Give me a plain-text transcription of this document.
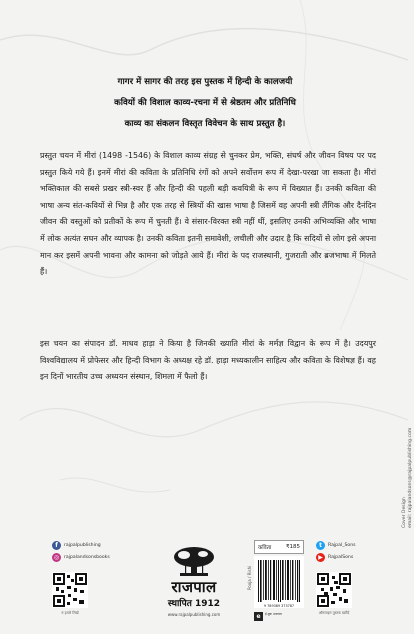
गागर में सागर की तरह इस पुस्तक में हिन्दी के कालजयी
कवियों की विशाल काव्य-रचना में से श्रेष्ठतम और प्रतिनिधि
काव्य का संकलन विस्तृत विवेचन के साथ प्रस्तुत है।

प्रस्तुत चयन में मीरां (1498 -1546) के विशाल काव्य संग्रह से चुनकर प्रेम, भक्ति, संघर्ष और जीवन विषय पर पद प्रस्तुत किये गये हैं। इनमें मीरां की कविता के प्रतिनिधि रंगों को अपने सर्वोत्तम रूप में देखा-परखा जा सकता है। मीरां भक्तिकाल की सबसे प्रखर स्त्री-स्वर हैं और हिन्दी की पहली बड़ी कवयित्री के रूप में विख्यात हैं। उनकी कविता की भाषा अन्य संत-कवियों से भिन्न है और एक तरह से स्त्रियों की खास भाषा है जिसमें वह अपनी स्त्री लैंगिक और दैनंदिन जीवन की वस्तुओं को प्रतीकों के रूप में चुनती हैं। वे संसार-विरक्त स्त्री नहीं थीं, इसलिए उनकी अभिव्यक्ति और भाषा में लोक अत्यंत सघन और व्यापक है। उनकी कविता इतनी समावेशी, लचीली और उदार है कि सदियों से लोग इसे अपना मान कर इसमें अपनी भावना और कामना को जोड़ते आये हैं। मीरां के पद राजस्थानी, गुजराती और ब्रजभाषा में मिलते हैं।

इस चयन का संपादन डॉ. माधव हाड़ा ने किया है जिनकी ख्याति मीरां के मर्मज्ञ विद्वान के रूप में है। उदयपुर विश्वविद्यालय में प्रोफेसर और हिन्दी विभाग के अध्यक्ष रहे डॉ. हाड़ा मध्यकालीन साहित्य और कविता के विशेषज्ञ हैं। वह इन दिनों भारतीय उच्च अध्ययन संस्थान, शिमला में फैलो हैं।

f	rajpalpublishing
◎	rajpalandsonsbooks
रु हमारे लिखें
राजपाल
स्थापित 1912
www.rajpalpublishing.com
कविता	₹185
9 789389 373787
Pooja / Rishi
e	ई-बुक उपलब्ध
t	Rajpal_Sons
▶	RajpalSons
ऑनलाइन पुस्तक खरीदें
Cover Design email: rajpalandsons@rajpalpublishing.com
